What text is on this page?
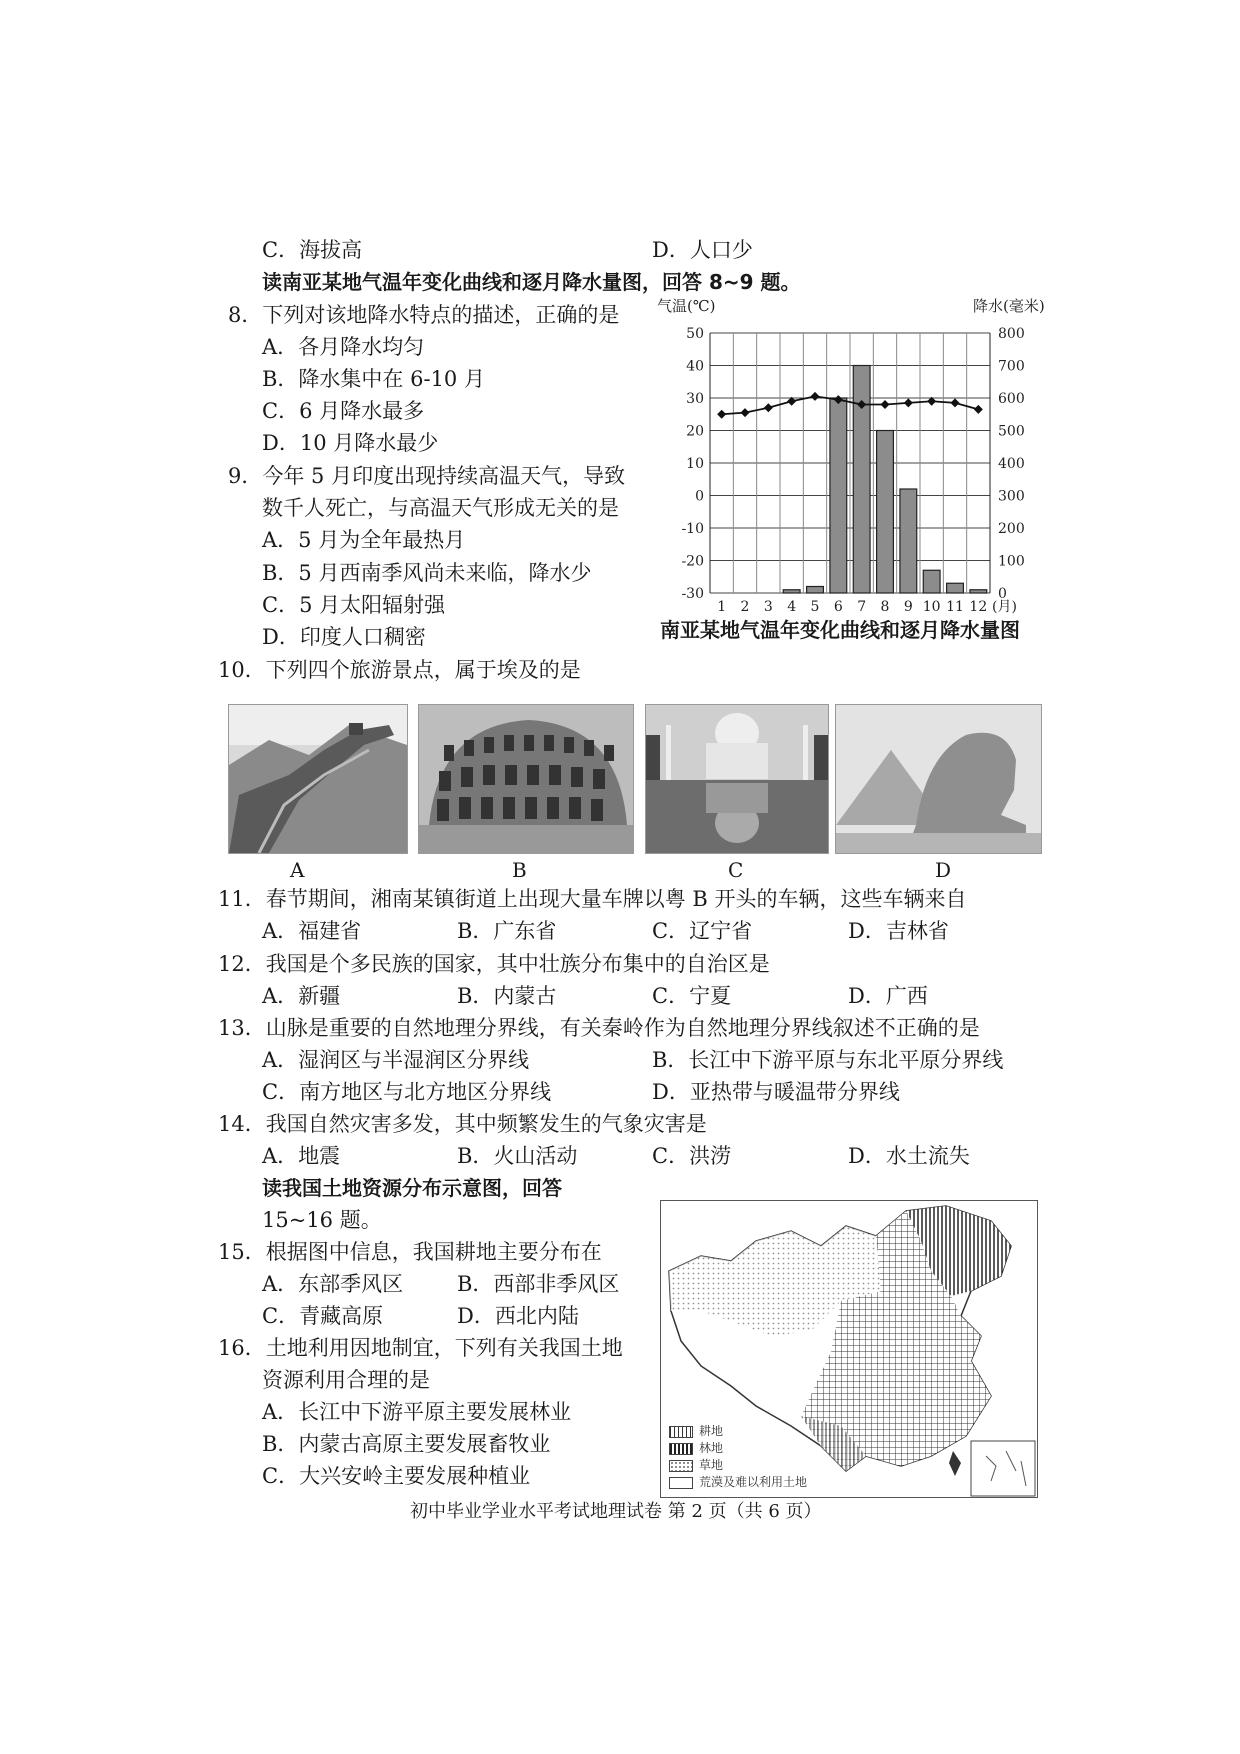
C．海拔高	D．人口少
读南亚某地气温年变化曲线和逐月降水量图，回答 8~9 题。
8．下列对该地降水特点的描述，正确的是
A．各月降水均匀
B．降水集中在 6-10 月
C．6 月降水最多
D．10 月降水最少
9．今年 5 月印度出现持续高温天气，导致
数千人死亡，与高温天气形成无关的是
A．5 月为全年最热月
B．5 月西南季风尚未来临，降水少
C．5 月太阳辐射强
D．印度人口稠密
10．下列四个旅游景点，属于埃及的是
50
40
30
20
10
0
-10
-20
-30
800
700
600
500
400
300
200
100
0
气温(℃)	降水(毫米)
1 2 3 4 5 6 7 8 9 10 11 12 (月)
南亚某地气温年变化曲线和逐月降水量图
A	B	C	D
11．春节期间，湘南某镇街道上出现大量车牌以粤 B 开头的车辆，这些车辆来自
A．福建省	B．广东省	C．辽宁省	D．吉林省
12．我国是个多民族的国家，其中壮族分布集中的自治区是
A．新疆	B．内蒙古	C．宁夏	D．广西
13．山脉是重要的自然地理分界线，有关秦岭作为自然地理分界线叙述不正确的是
A．湿润区与半湿润区分界线	B．长江中下游平原与东北平原分界线
C．南方地区与北方地区分界线	D．亚热带与暖温带分界线
14．我国自然灾害多发，其中频繁发生的气象灾害是
A．地震	B．火山活动	C．洪涝	D．水土流失
读我国土地资源分布示意图，回答
15~16 题。
15．根据图中信息，我国耕地主要分布在
A．东部季风区	B．西部非季风区
C．青藏高原	D．西北内陆
16．土地利用因地制宜，下列有关我国土地
资源利用合理的是
A．长江中下游平原主要发展林业
B．内蒙古高原主要发展畜牧业
C．大兴安岭主要发展种植业
耕地
林地
草地
荒漠及难以利用土地
初中毕业学业水平考试地理试卷 第 2 页（共 6 页）
